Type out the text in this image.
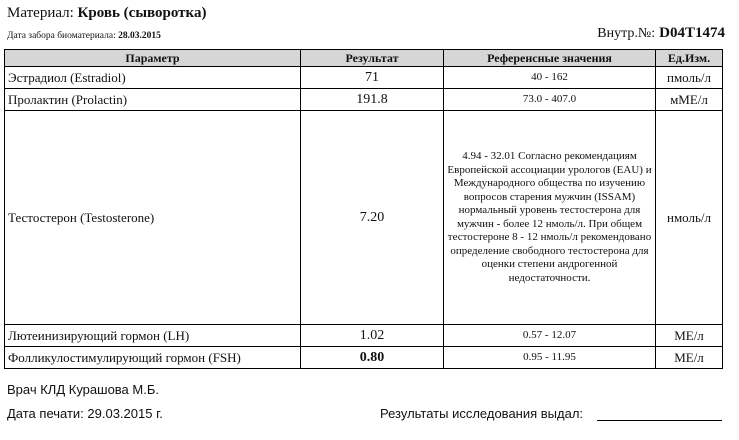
Материал: Кровь (сыворотка)
Дата забора биоматериала: 28.03.2015	Внутр.№: D04T1474
Параметр	Результат	Референсные значения	Ед.Изм.
Эстрадиол (Estradiol)	71	40 - 162	пмоль/л
Пролактин (Prolactin)	191.8	73.0 - 407.0	мМЕ/л
Тестостерон (Testosterone)	7.20	4.94 - 32.01 Согласно рекомендациям Европейской ассоциации урологов (EAU) и Международного общества по изучению вопросов старения мужчин (ISSAM) нормальный уровень тестостерона для мужчин - более 12 нмоль/л. При общем тестостероне 8 - 12 нмоль/л рекомендовано определение свободного тестостерона для оценки степени андрогенной недостаточности.	нмоль/л
Лютеинизирующий гормон (LH)	1.02	0.57 - 12.07	МЕ/л
Фолликулостимулирующий гормон (FSH)	0.80	0.95 - 11.95	МЕ/л
Врач КЛД Курашова М.Б.
Дата печати: 29.03.2015 г.	Результаты исследования выдал:
